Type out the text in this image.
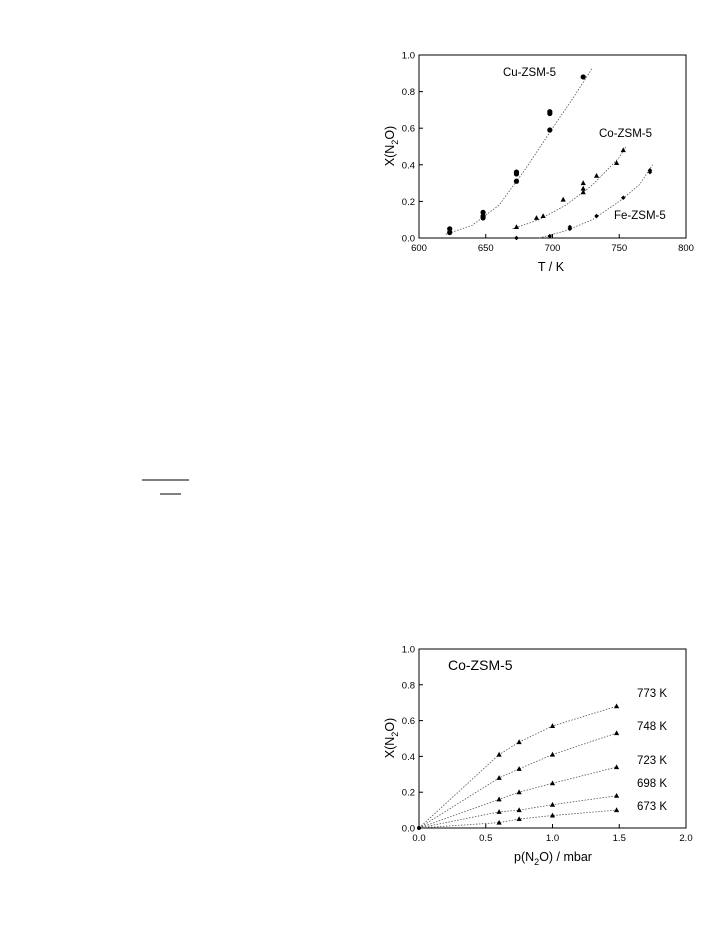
600	650	700	750	800
0.0
0.2
0.4
0.6
0.8
1.0
Cu-ZSM-5
Co-ZSM-5
Fe-ZSM-5
T / K
$X(N_2O)$
0.0	0.5	1.0	1.5	2.0
0.0
0.2
0.4
0.6
0.8
1.0
Co-ZSM-5
773 K
748 K
723 K
698 K
673 K
$p(N_2O)$ / mbar
$X(N_2O)$
